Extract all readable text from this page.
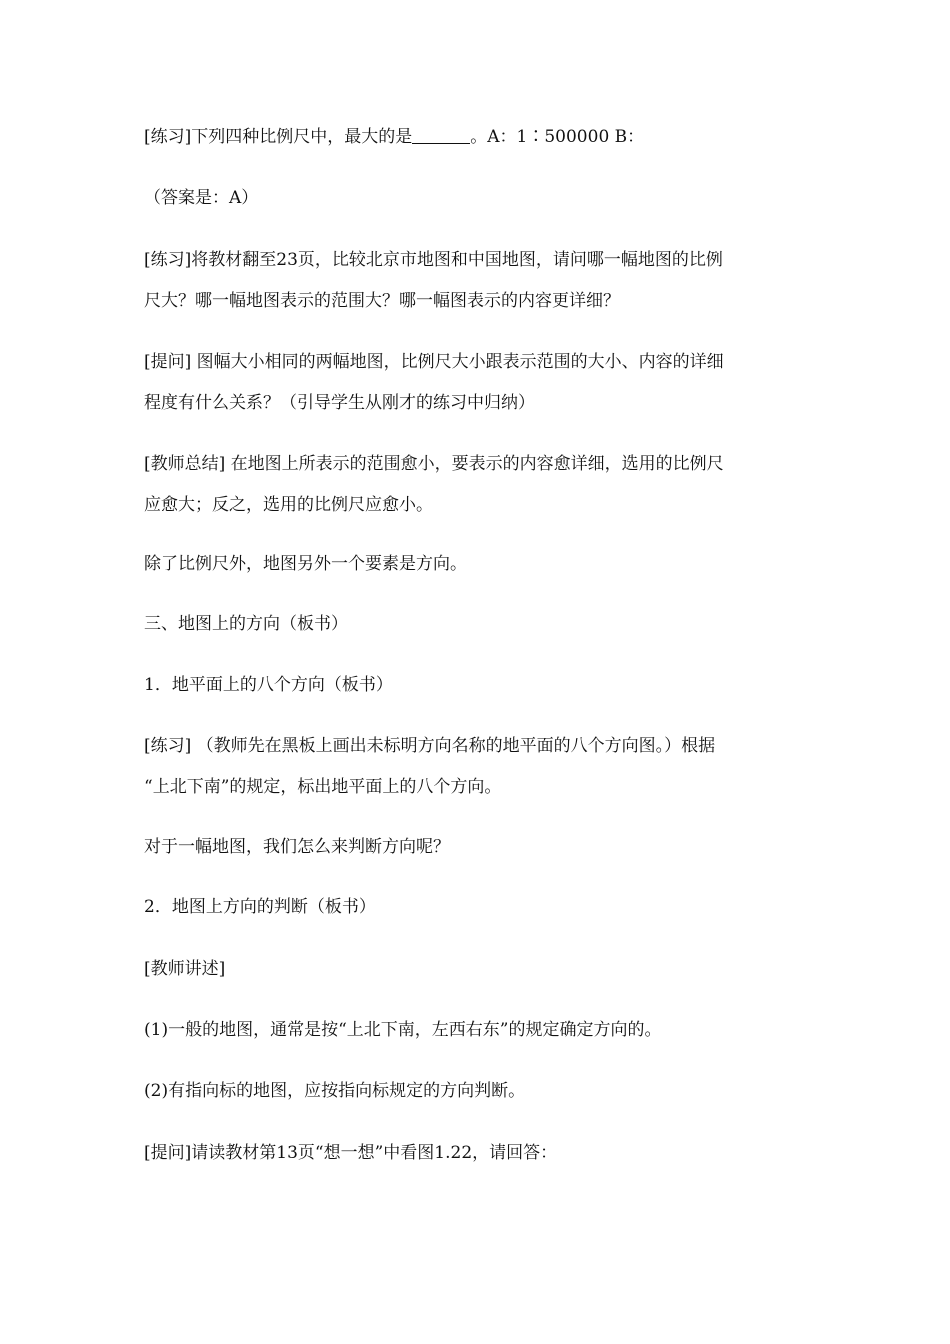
[练习]下列四种比例尺中，最大的是	。A：1∶500000 B：
（答案是：A）
[练习]将教材翻至23页，比较北京市地图和中国地图，请问哪一幅地图的比例
尺大？哪一幅地图表示的范围大？哪一幅图表示的内容更详细？
[提问] 图幅大小相同的两幅地图，比例尺大小跟表示范围的大小、内容的详细
程度有什么关系？（引导学生从刚才的练习中归纳）
[教师总结] 在地图上所表示的范围愈小，要表示的内容愈详细，选用的比例尺
应愈大；反之，选用的比例尺应愈小。
除了比例尺外，地图另外一个要素是方向。
三、地图上的方向（板书）
1．地平面上的八个方向（板书）
[练习] （教师先在黑板上画出未标明方向名称的地平面的八个方向图。）根据
“上北下南”的规定，标出地平面上的八个方向。
对于一幅地图，我们怎么来判断方向呢？
2．地图上方向的判断（板书）
[教师讲述]
(1)一般的地图，通常是按“上北下南，左西右东”的规定确定方向的。
(2)有指向标的地图，应按指向标规定的方向判断。
[提问]请读教材第13页“想一想”中看图1.22，请回答：
